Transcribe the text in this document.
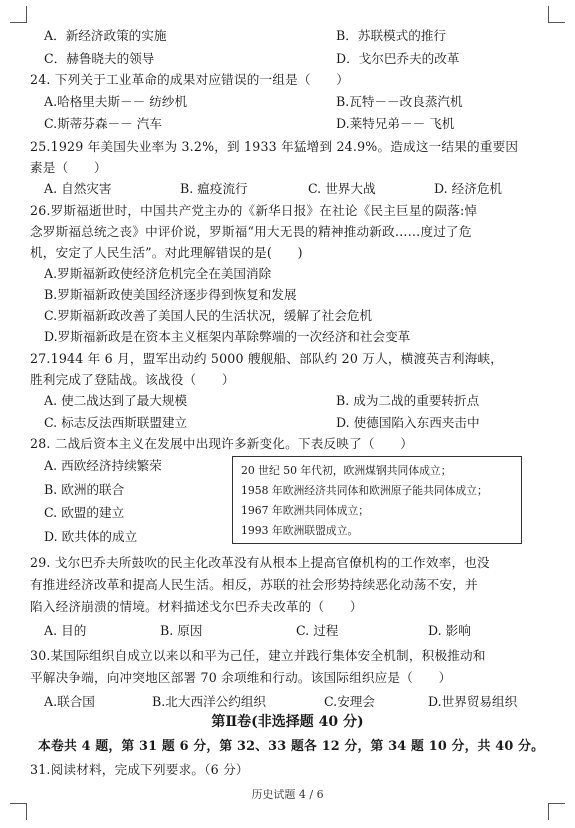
A．新经济政策的实施	B．苏联模式的推行
C．赫鲁晓夫的领导	D．戈尔巴乔夫的改革
24. 下列关于工业革命的成果对应错误的一组是（　　）
A.哈格里夫斯－－ 纺纱机	B.瓦特－－改良蒸汽机
C.斯蒂芬森－－ 汽车	D.莱特兄弟－－ 飞机
25.1929 年美国失业率为 3.2%，到 1933 年猛增到 24.9%。造成这一结果的重要因
素是（　　）
A. 自然灾害	B. 瘟疫流行	C. 世界大战	D. 经济危机
26.罗斯福逝世时，中国共产党主办的《新华日报》在社论《民主巨星的陨落:悼
念罗斯福总统之丧》中评价说，罗斯福“用大无畏的精神推动新政……度过了危
机，安定了人民生活”。对此理解错误的是(　　)
A.罗斯福新政使经济危机完全在美国消除
B.罗斯福新政使美国经济逐步得到恢复和发展
C.罗斯福新政改善了美国人民的生活状况，缓解了社会危机
D.罗斯福新政是在资本主义框架内革除弊端的一次经济和社会变革
27.1944 年 6 月，盟军出动约 5000 艘舰船、部队约 20 万人，横渡英吉利海峡，
胜利完成了登陆战。该战役（　　）
A. 使二战达到了最大规模	B. 成为二战的重要转折点
C. 标志反法西斯联盟建立	D. 使德国陷入东西夹击中
28. 二战后资本主义在发展中出现许多新变化。下表反映了（　　）
A. 西欧经济持续繁荣
B. 欧洲的联合
C. 欧盟的建立
D. 欧共体的成立
20 世纪 50 年代初，欧洲煤钢共同体成立；
1958 年欧洲经济共同体和欧洲原子能共同体成立；
1967 年欧洲共同体成立；
1993 年欧洲联盟成立。
29. 戈尔巴乔夫所鼓吹的民主化改革没有从根本上提高官僚机构的工作效率，也没
有推进经济改革和提高人民生活。相反，苏联的社会形势持续恶化动荡不安，并
陷入经济崩溃的情境。材料描述戈尔巴乔夫改革的（　　）
A. 目的	B. 原因	C. 过程	D. 影响
30.某国际组织自成立以来以和平为己任，建立并践行集体安全机制，积极推动和
平解决争端，向冲突地区部署 70 余项维和行动。该国际组织应是（　　）
A.联合国	B.北大西洋公约组织	C.安理会	D.世界贸易组织
第Ⅱ卷(非选择题 40 分)
本卷共 4 题，第 31 题 6 分，第 32、33 题各 12 分，第 34 题 10 分，共 40 分。
31.阅读材料，完成下列要求。（6 分）
历史试题 4 / 6
